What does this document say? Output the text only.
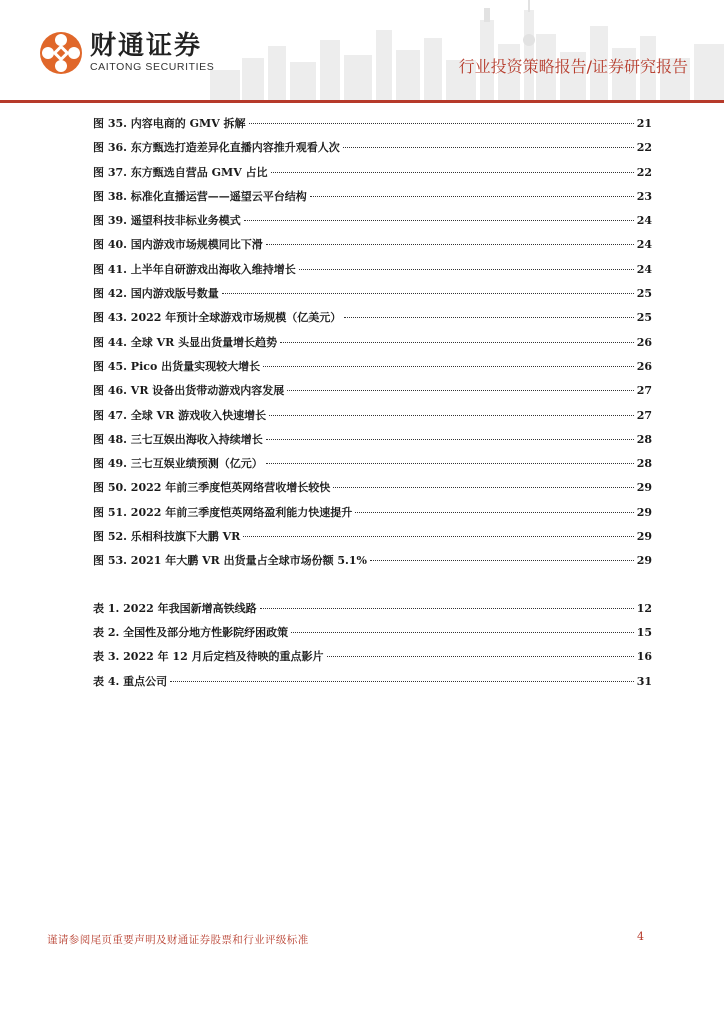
财通证券
CAITONG SECURITIES	行业投资策略报告/证券研究报告
图 35. 内容电商的 GMV 拆解	21
图 36. 东方甄选打造差异化直播内容推升观看人次	22
图 37. 东方甄选自营品 GMV 占比	22
图 38. 标准化直播运营——遥望云平台结构	23
图 39. 遥望科技非标业务模式	24
图 40. 国内游戏市场规模同比下滑	24
图 41. 上半年自研游戏出海收入维持增长	24
图 42. 国内游戏版号数量	25
图 43. 2022 年预计全球游戏市场规模（亿美元）	25
图 44. 全球 VR 头显出货量增长趋势	26
图 45. Pico 出货量实现较大增长	26
图 46. VR 设备出货带动游戏内容发展	27
图 47. 全球 VR 游戏收入快速增长	27
图 48. 三七互娱出海收入持续增长	28
图 49. 三七互娱业绩预测（亿元）	28
图 50. 2022 年前三季度恺英网络营收增长较快	29
图 51. 2022 年前三季度恺英网络盈利能力快速提升	29
图 52. 乐相科技旗下大鹏 VR	29
图 53. 2021 年大鹏 VR 出货量占全球市场份额 5.1%	29
表 1. 2022 年我国新增高铁线路	12
表 2. 全国性及部分地方性影院纾困政策	15
表 3. 2022 年 12 月后定档及待映的重点影片	16
表 4. 重点公司	31
谨请参阅尾页重要声明及财通证券股票和行业评级标准	4
